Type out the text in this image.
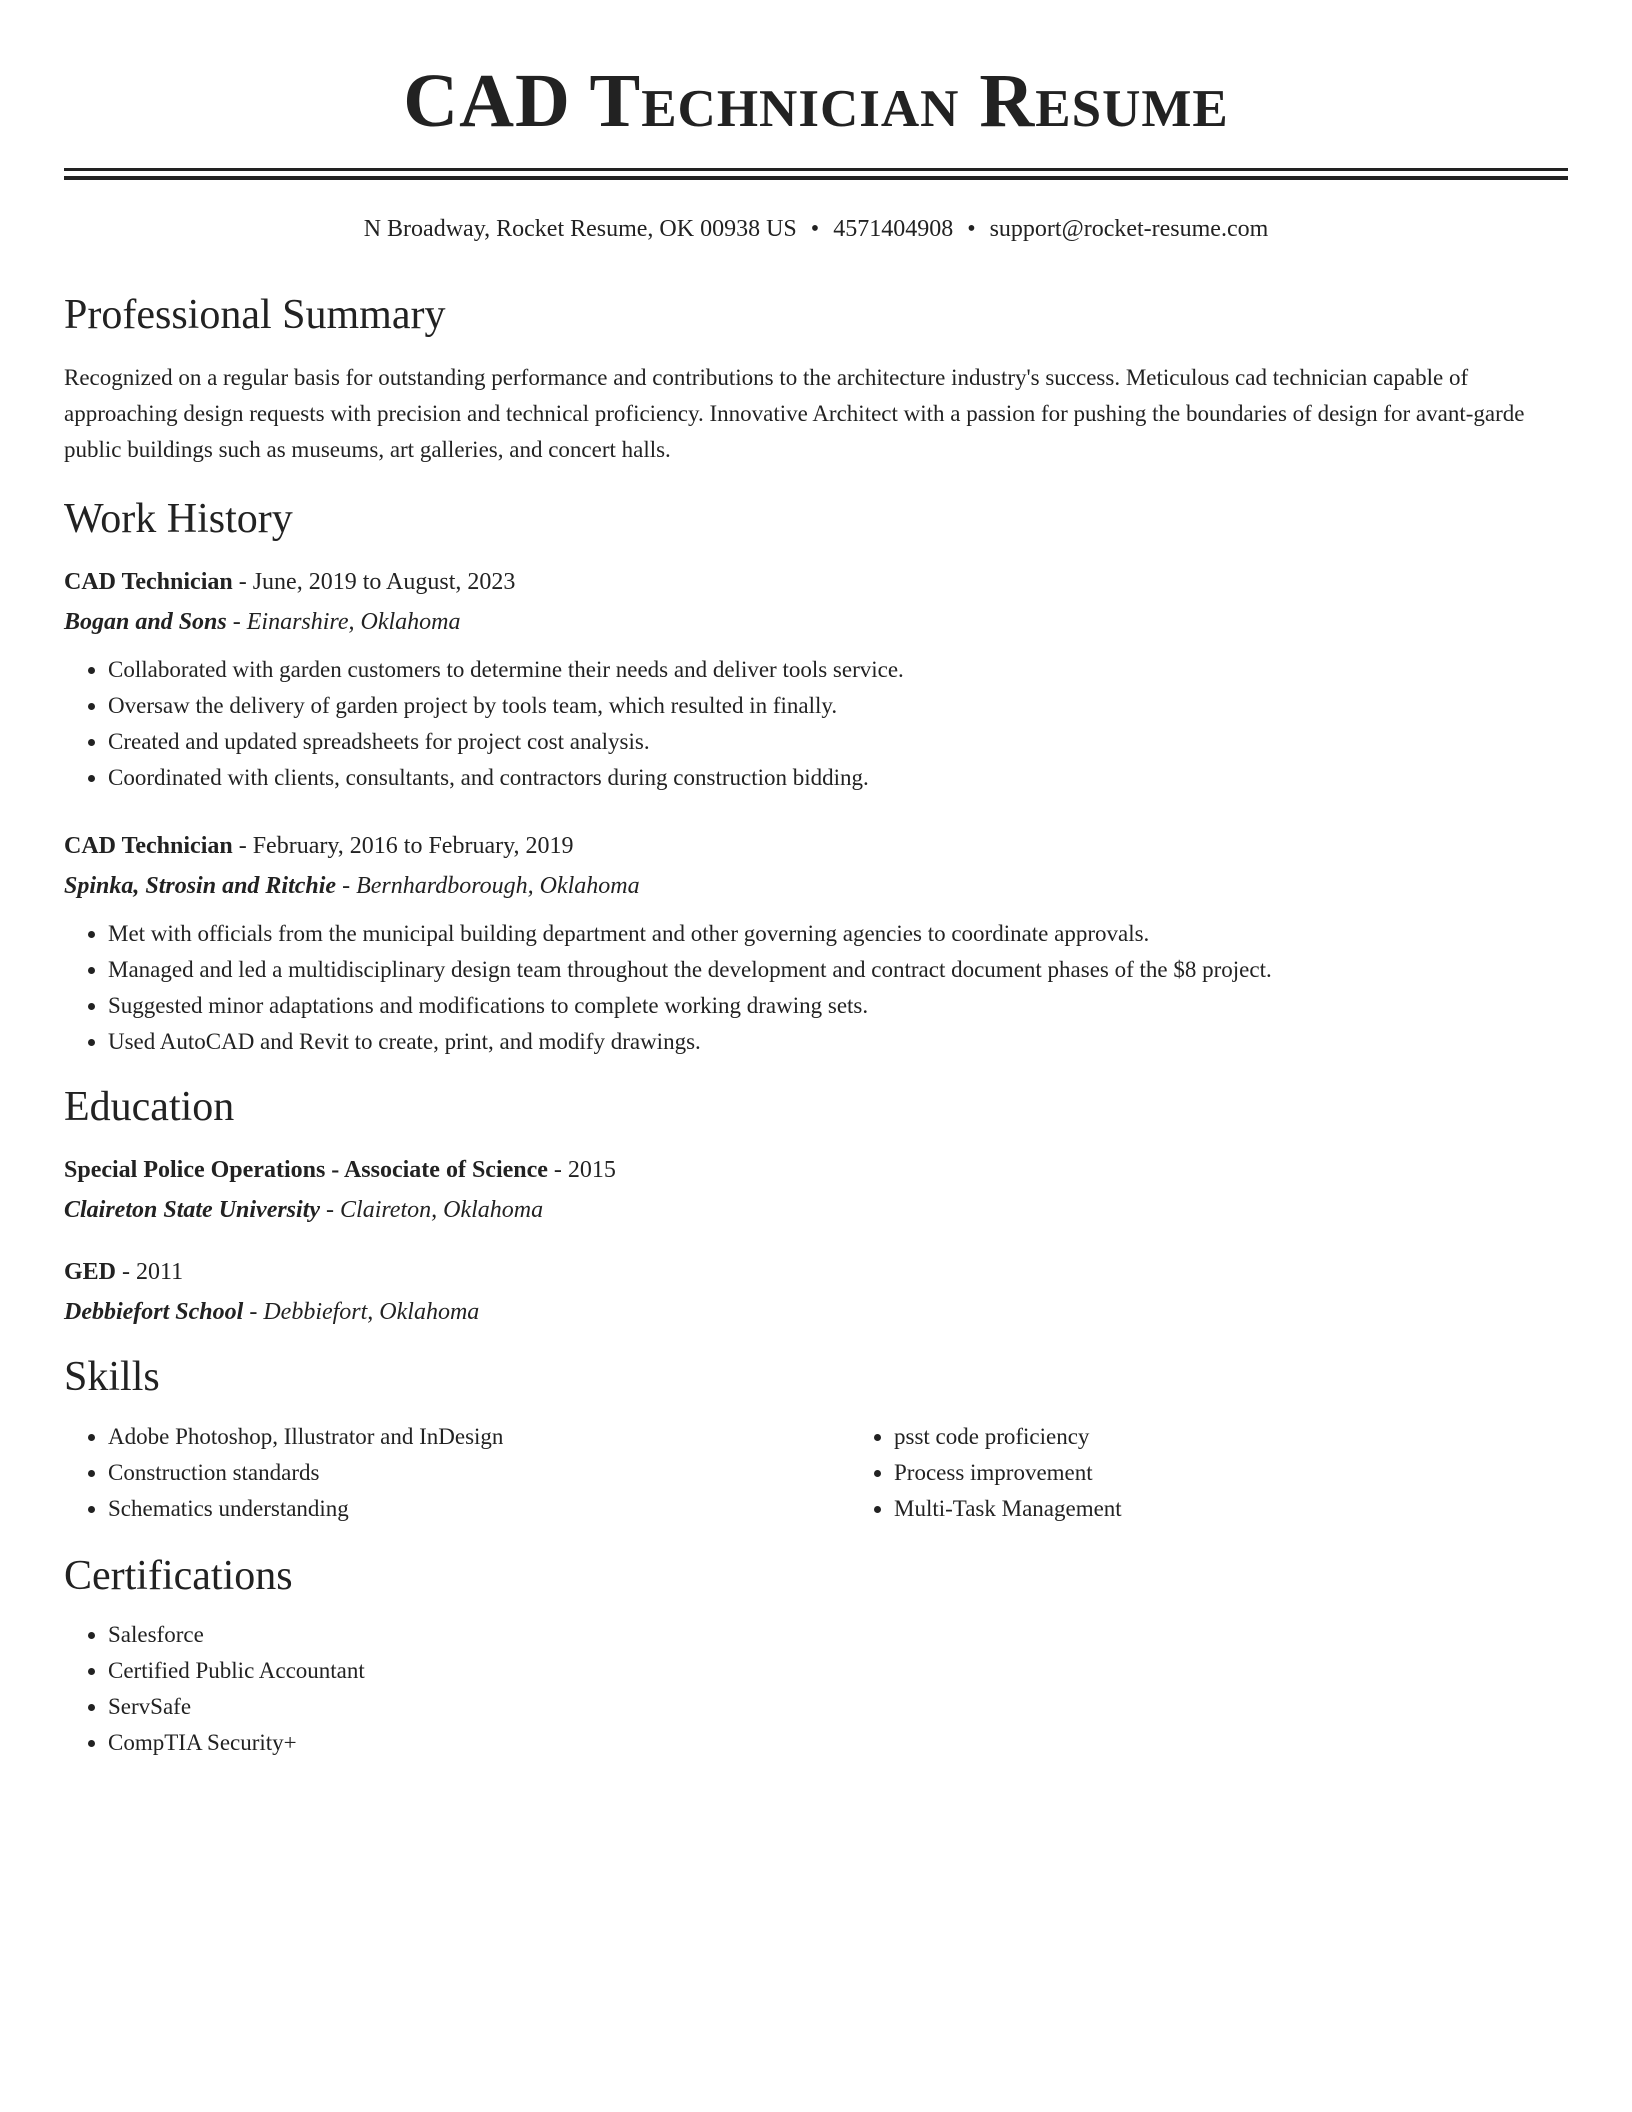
CAD Technician Resume
N Broadway, Rocket Resume, OK 00938 US • 4571404908 • support@rocket-resume.com
Professional Summary

Recognized on a regular basis for outstanding performance and contributions to the architecture industry's success. Meticulous cad technician capable of approaching design requests with precision and technical proficiency. Innovative Architect with a passion for pushing the boundaries of design for avant-garde public buildings such as museums, art galleries, and concert halls.

Work History
CAD Technician - June, 2019 to August, 2023
Bogan and Sons - Einarshire, Oklahoma
• Collaborated with garden customers to determine their needs and deliver tools service.
• Oversaw the delivery of garden project by tools team, which resulted in finally.
• Created and updated spreadsheets for project cost analysis.
• Coordinated with clients, consultants, and contractors during construction bidding.
CAD Technician - February, 2016 to February, 2019
Spinka, Strosin and Ritchie - Bernhardborough, Oklahoma
• Met with officials from the municipal building department and other governing agencies to coordinate approvals.
• Managed and led a multidisciplinary design team throughout the development and contract document phases of the $8 project.
• Suggested minor adaptations and modifications to complete working drawing sets.
• Used AutoCAD and Revit to create, print, and modify drawings.
Education
Special Police Operations - Associate of Science - 2015
Claireton State University - Claireton, Oklahoma
GED - 2011
Debbiefort School - Debbiefort, Oklahoma
Skills
• Adobe Photoshop, Illustrator and InDesign
• Construction standards
• Schematics understanding
• psst code proficiency
• Process improvement
• Multi-Task Management
Certifications
• Salesforce
• Certified Public Accountant
• ServSafe
• CompTIA Security+
